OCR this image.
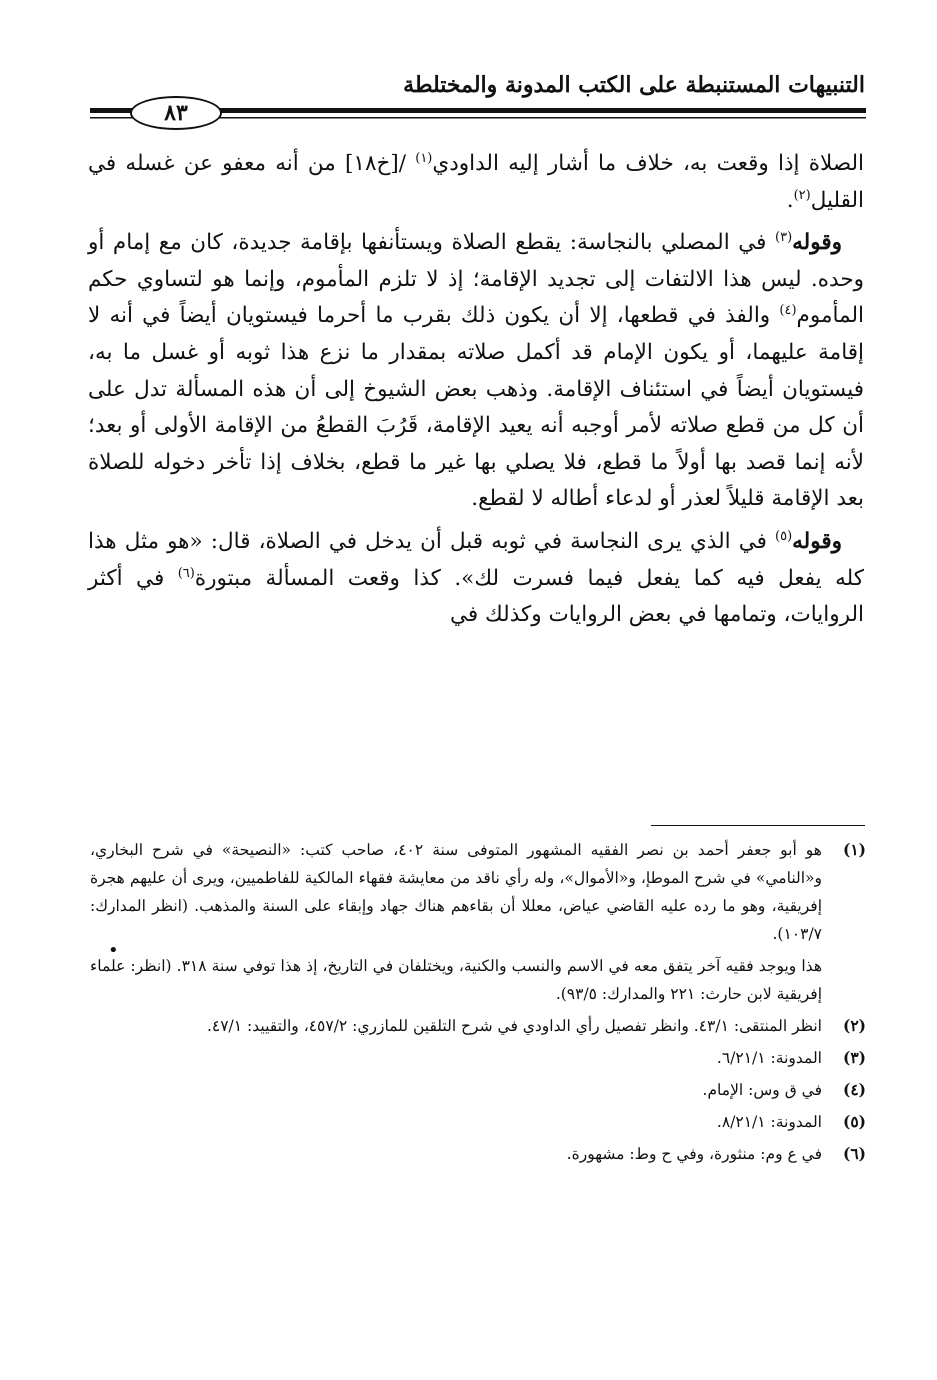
التنبيهات المستنبطة على الكتب المدونة والمختلطة
٨٣

الصلاة إذا وقعت به، خلاف ما أشار إليه الداودي$^{(١)}$ /[خ١٨] من أنه معفو عن غسله في القليل$^{(٢)}$.

وقوله$^{(٣)}$ في المصلي بالنجاسة: يقطع الصلاة ويستأنفها بإقامة جديدة، كان مع إمام أو وحده. ليس هذا الالتفات إلى تجديد الإقامة؛ إذ لا تلزم المأموم، وإنما هو لتساوي حكم المأموم$^{(٤)}$ والفذ في قطعها، إلا أن يكون ذلك بقرب ما أحرما فيستويان أيضاً في أنه لا إقامة عليهما، أو يكون الإمام قد أكمل صلاته بمقدار ما نزع هذا ثوبه أو غسل ما به، فيستويان أيضاً في استئناف الإقامة. وذهب بعض الشيوخ إلى أن هذه المسألة تدل على أن كل من قطع صلاته لأمر أوجبه أنه يعيد الإقامة، قَرُبَ القطعُ من الإقامة الأولى أو بعد؛ لأنه إنما قصد بها أولاً ما قطع، فلا يصلي بها غير ما قطع، بخلاف إذا تأخر دخوله للصلاة بعد الإقامة قليلاً لعذر أو لدعاء أطاله لا لقطع.

وقوله$^{(٥)}$ في الذي يرى النجاسة في ثوبه قبل أن يدخل في الصلاة، قال: «هو مثل هذا كله يفعل فيه كما يفعل فيما فسرت لك». كذا وقعت المسألة مبتورة$^{(٦)}$ في أكثر الروايات، وتمامها في بعض الروايات وكذلك في

(١)
هو أبو جعفر أحمد بن نصر الفقيه المشهور المتوفى سنة ٤٠٢، صاحب كتب: «النصيحة» في شرح البخاري، و«النامي» في شرح الموطإ، و«الأموال»، وله رأي ناقد من معايشة فقهاء المالكية للفاطميين، ويرى أن عليهم هجرة إفريقية، وهو ما رده عليه القاضي عياض، معللا أن بقاءهم هناك جهاد وإبقاء على السنة والمذهب. (انظر المدارك: ١٠٣/٧).
هذا ويوجد فقيه آخر يتفق معه في الاسم والنسب والكنية، ويختلفان في التاريخ، إذ هذا توفي سنة ٣١٨. (انظر: علماء إفريقية لابن حارث: ٢٢١ والمدارك: ٩٣/٥).
(٢)
انظر المنتقى: ٤٣/١. وانظر تفصيل رأي الداودي في شرح التلقين للمازري: ٤٥٧/٢، والتقييد: ٤٧/١.
(٣)
المدونة: ٦/٢١/١.
(٤)
في ق وس: الإمام.
(٥)
المدونة: ٨/٢١/١.
(٦)
في ع وم: منثورة، وفي ح وط: مشهورة.
•
